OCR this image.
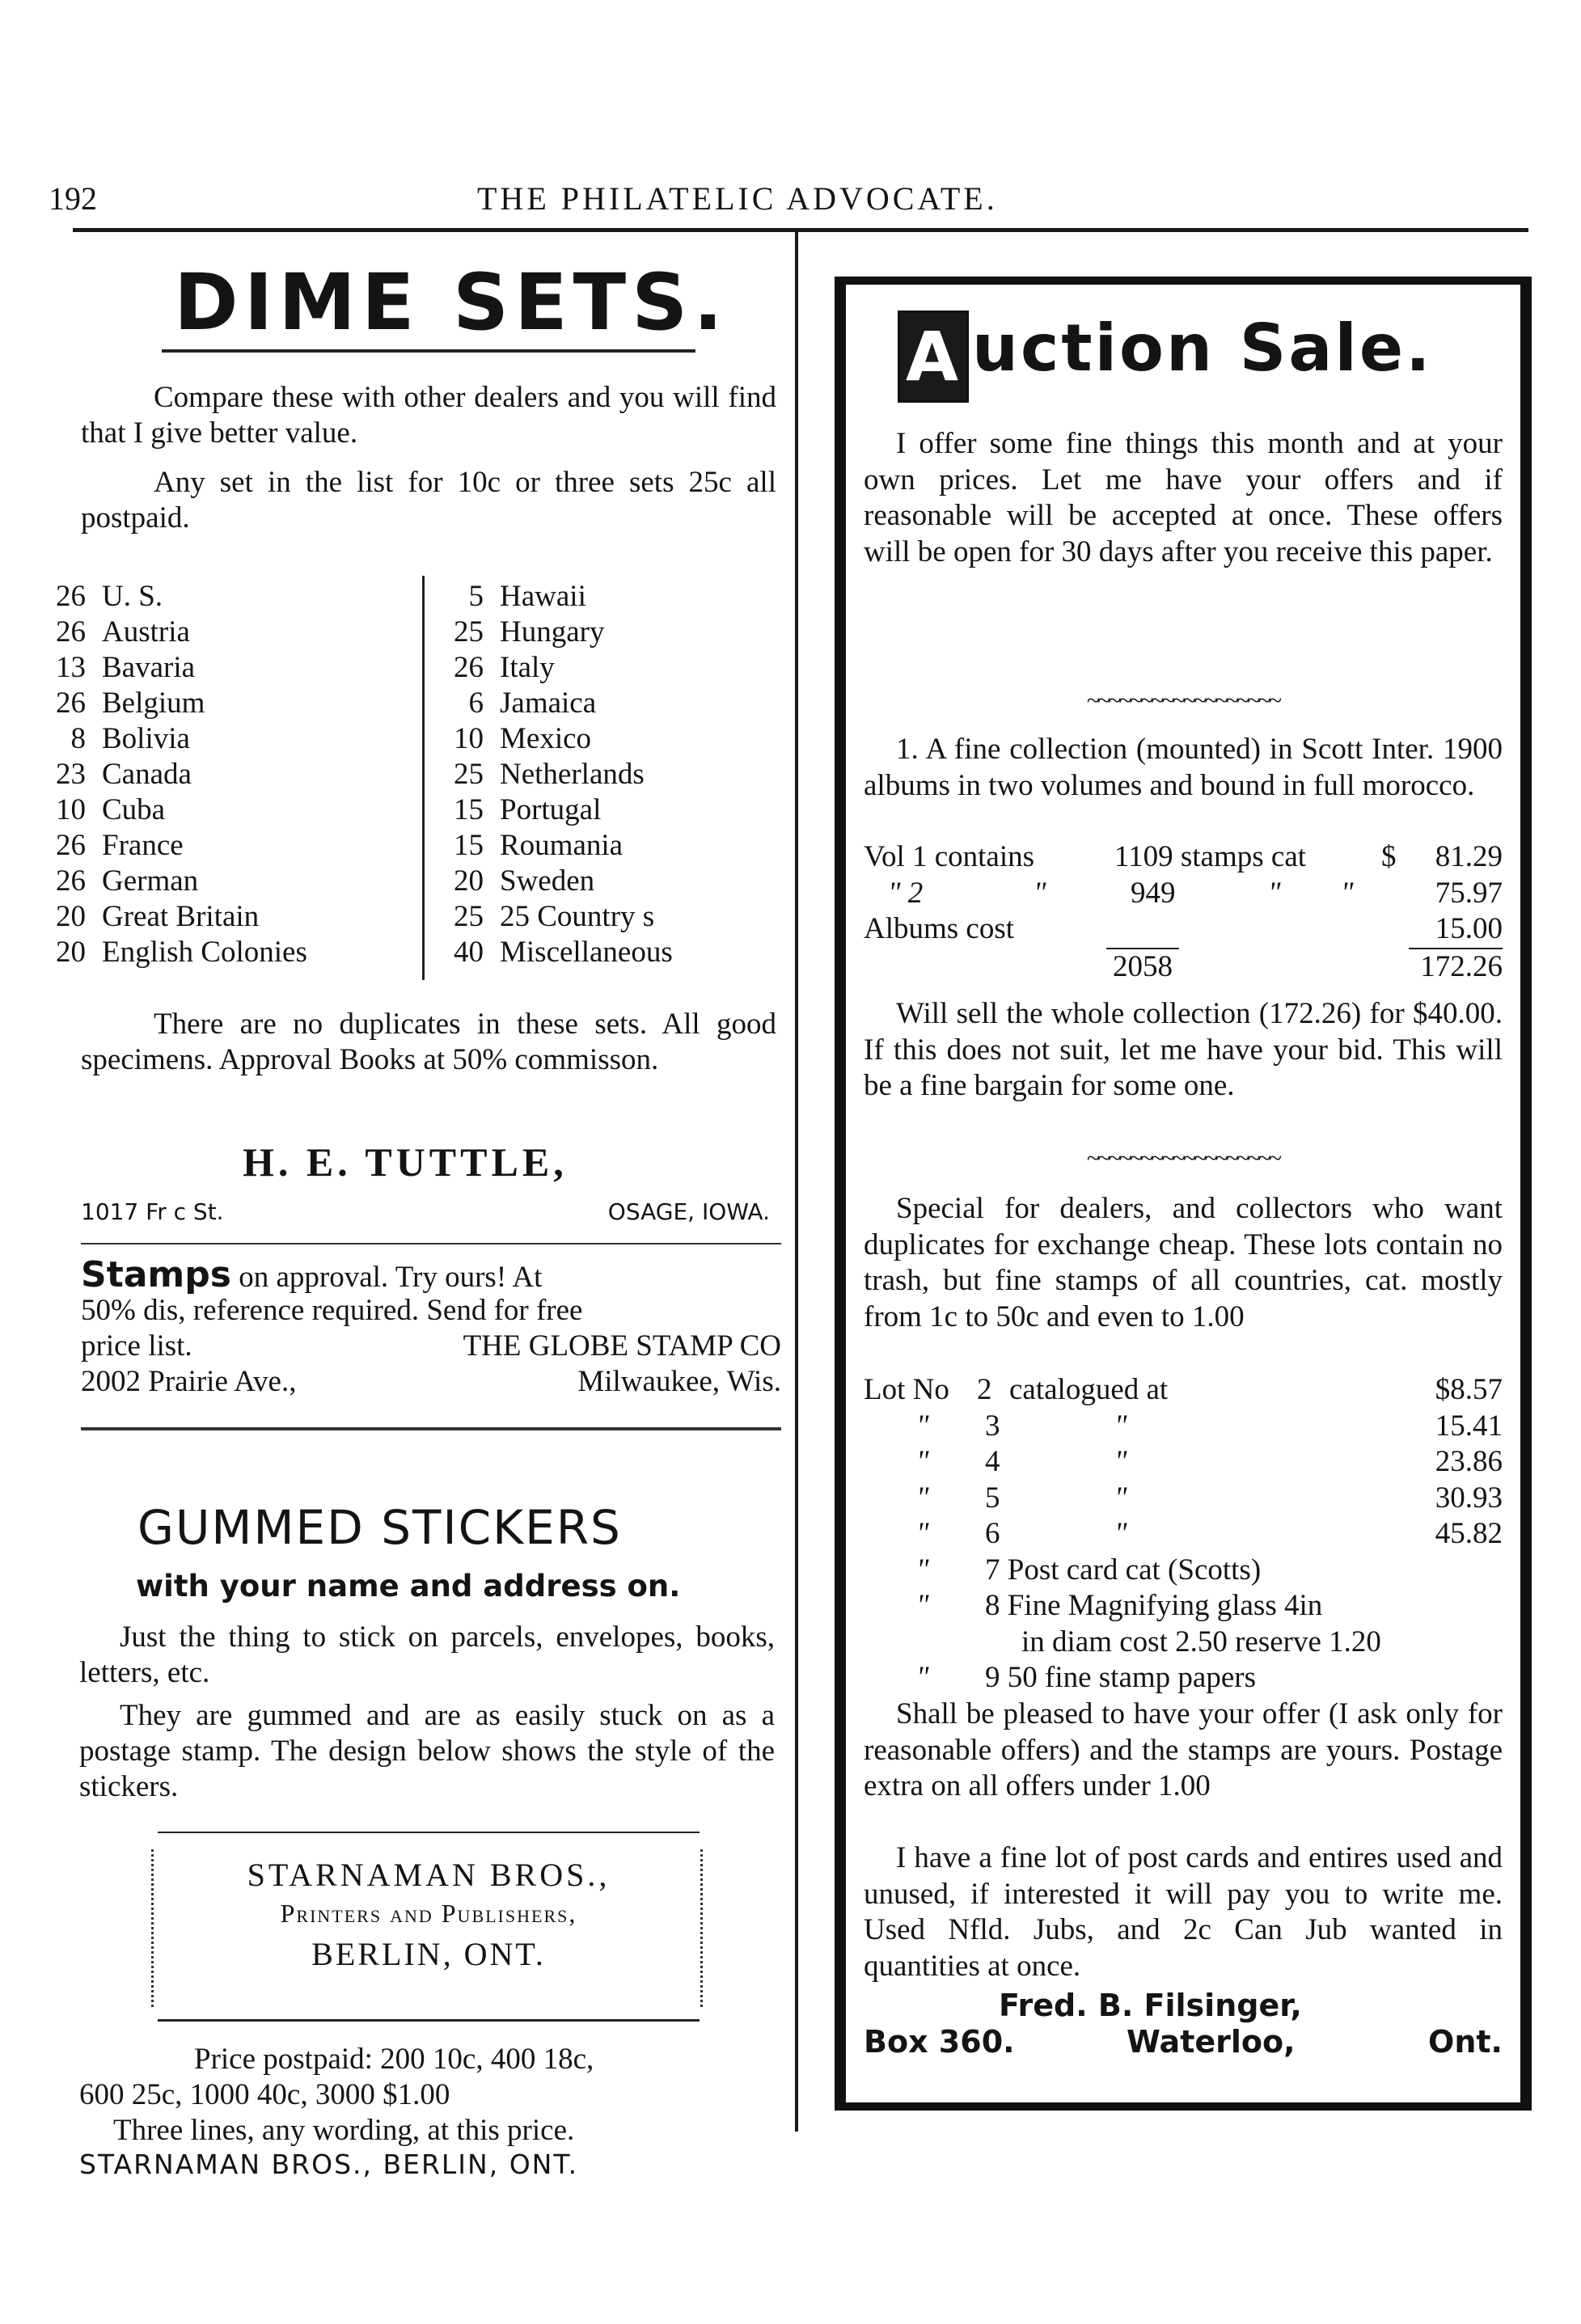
192	THE PHILATELIC ADVOCATE.
DIME SETS.
Compare these with other dealers and you will find that I give better value.
Any set in the list for 10c or three sets 25c all postpaid.
26 U. S.
26 Austria
13 Bavaria
26 Belgium
8 Bolivia
23 Canada
10 Cuba
26 France
26 German
20 Great Britain
20 English Colonies
5 Hawaii
25 Hungary
26 Italy
6 Jamaica
10 Mexico
25 Netherlands
15 Portugal
15 Roumania
20 Sweden
25 25 Country s
40 Miscellaneous
There are no duplicates in these sets. All good specimens. Approval Books at 50% commisson.
H. E. TUTTLE,
1017 Fr c St.	OSAGE, IOWA.
Stamps on approval. Try ours! At
50% dis, reference required. Send for free
price list.	THE GLOBE STAMP CO
2002 Prairie Ave.,	Milwaukee, Wis.
GUMMED STICKERS
with your name and address on.
Just the thing to stick on parcels, envelopes, books, letters, etc.
They are gummed and are as easily stuck on as a postage stamp. The design below shows the style of the stickers.
STARNAMAN BROS.,
Printers and Publishers,
BERLIN, ONT.
Price postpaid: 200 10c, 400 18c,
600 25c, 1000 40c, 3000 $1.00
Three lines, any wording, at this price.
STARNAMAN BROS., BERLIN, ONT.
A uction Sale.
I offer some fine things this month and at your own prices. Let me have your offers and if reasonable will be accepted at once. These offers will be open for 30 days after you receive this paper.
~~~~~~~~~~~~~~~~~~
1. A fine collection (mounted) in Scott Inter. 1900 albums in two volumes and bound in full morocco.
Vol 1 contains	1109 stamps cat	$ 81.29
" 2	"	949	" "	75.97
Albums cost	15.00
2058	172.26
Will sell the whole collection (172.26) for $40.00. If this does not suit, let me have your bid. This will be a fine bargain for some one.
~~~~~~~~~~~~~~~~~~
Special for dealers, and collectors who want duplicates for exchange cheap. These lots contain no trash, but fine stamps of all countries, cat. mostly from 1c to 50c and even to 1.00
Lot No 2 catalogued at	$8.57
" 3	"	15.41
" 4	"	23.86
" 5	"	30.93
" 6	"	45.82
" 7 Post card cat (Scotts)
" 8 Fine Magnifying glass 4in
in diam cost 2.50 reserve 1.20
" 9 50 fine stamp papers
Shall be pleased to have your offer (I ask only for reasonable offers) and the stamps are yours. Postage extra on all offers under 1.00
I have a fine lot of post cards and entires used and unused, if interested it will pay you to write me. Used Nfld. Jubs, and 2c Can Jub wanted in quantities at once.
Fred. B. Filsinger,
Box 360.	Waterloo,	Ont.
